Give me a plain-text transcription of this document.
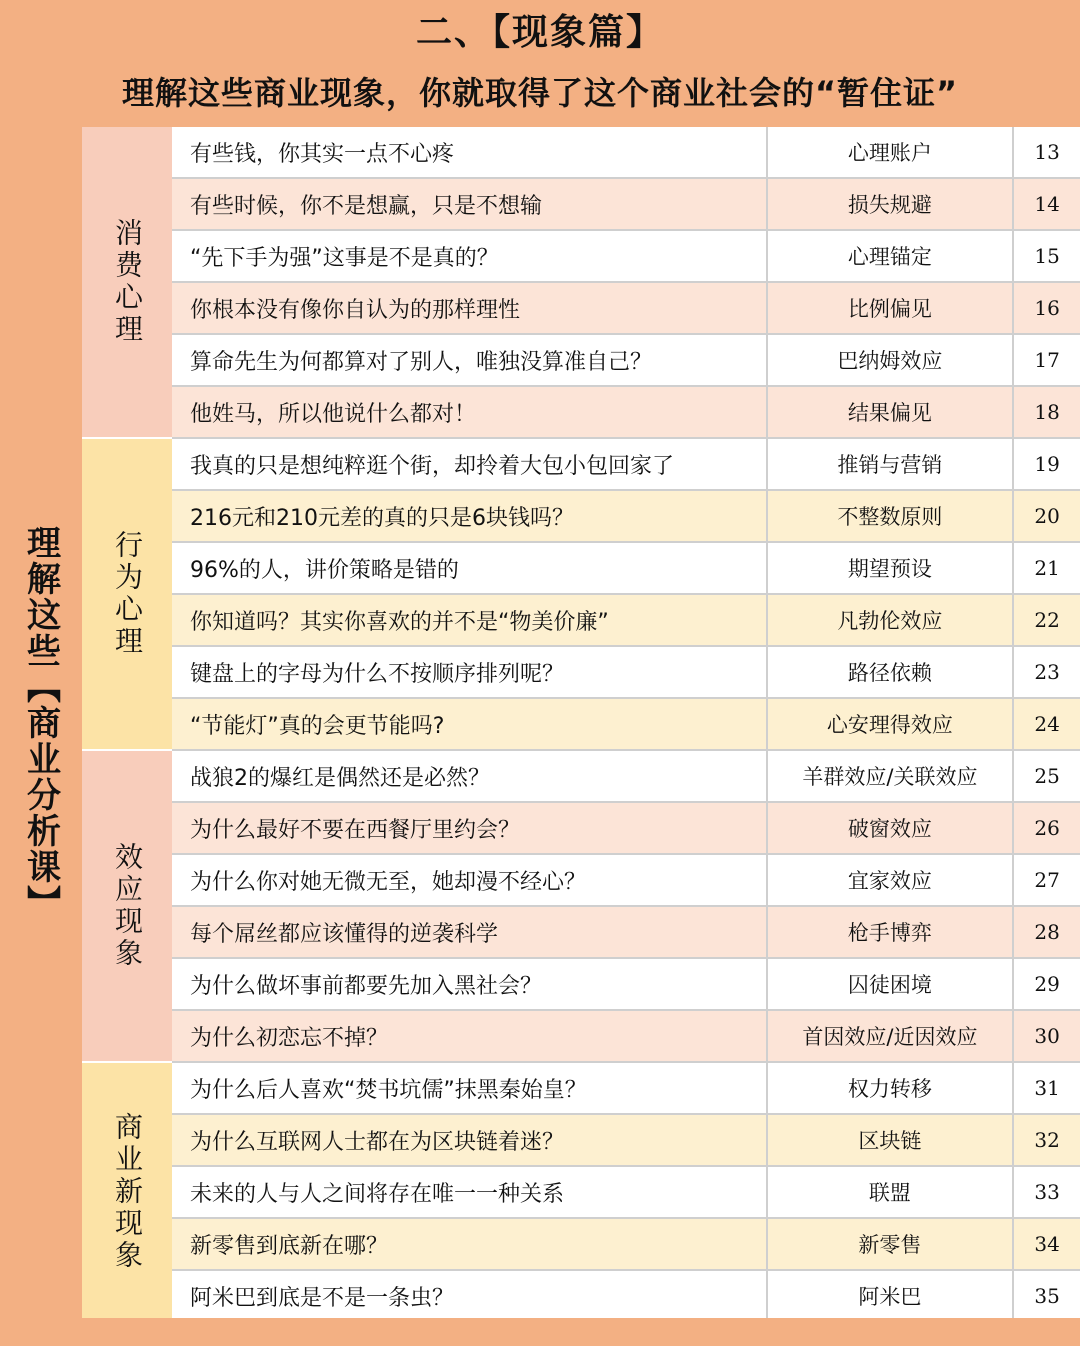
二、【现象篇】
理解这些商业现象，你就取得了这个商业社会的“暂住证”
理解这些【商业分析课】
消费心理
行为心理
效应现象
商业新现象
有些钱，你其实一点不心疼	心理账户	13
有些时候，你不是想赢，只是不想输	损失规避	14
“先下手为强”这事是不是真的？	心理锚定	15
你根本没有像你自认为的那样理性	比例偏见	16
算命先生为何都算对了别人，唯独没算准自己？	巴纳姆效应	17
他姓马，所以他说什么都对！	结果偏见	18
我真的只是想纯粹逛个街，却拎着大包小包回家了	推销与营销	19
216元和210元差的真的只是6块钱吗？	不整数原则	20
96%的人，讲价策略是错的	期望预设	21
你知道吗？其实你喜欢的并不是“物美价廉”	凡勃伦效应	22
键盘上的字母为什么不按顺序排列呢？	路径依赖	23
“节能灯”真的会更节能吗?	心安理得效应	24
战狼2的爆红是偶然还是必然？	羊群效应/关联效应	25
为什么最好不要在西餐厅里约会？	破窗效应	26
为什么你对她无微无至，她却漫不经心？	宜家效应	27
每个屌丝都应该懂得的逆袭科学	枪手博弈	28
为什么做坏事前都要先加入黑社会？	囚徒困境	29
为什么初恋忘不掉？	首因效应/近因效应	30
为什么后人喜欢“焚书坑儒”抹黑秦始皇？	权力转移	31
为什么互联网人士都在为区块链着迷？	区块链	32
未来的人与人之间将存在唯一一种关系	联盟	33
新零售到底新在哪？	新零售	34
阿米巴到底是不是一条虫？	阿米巴	35
